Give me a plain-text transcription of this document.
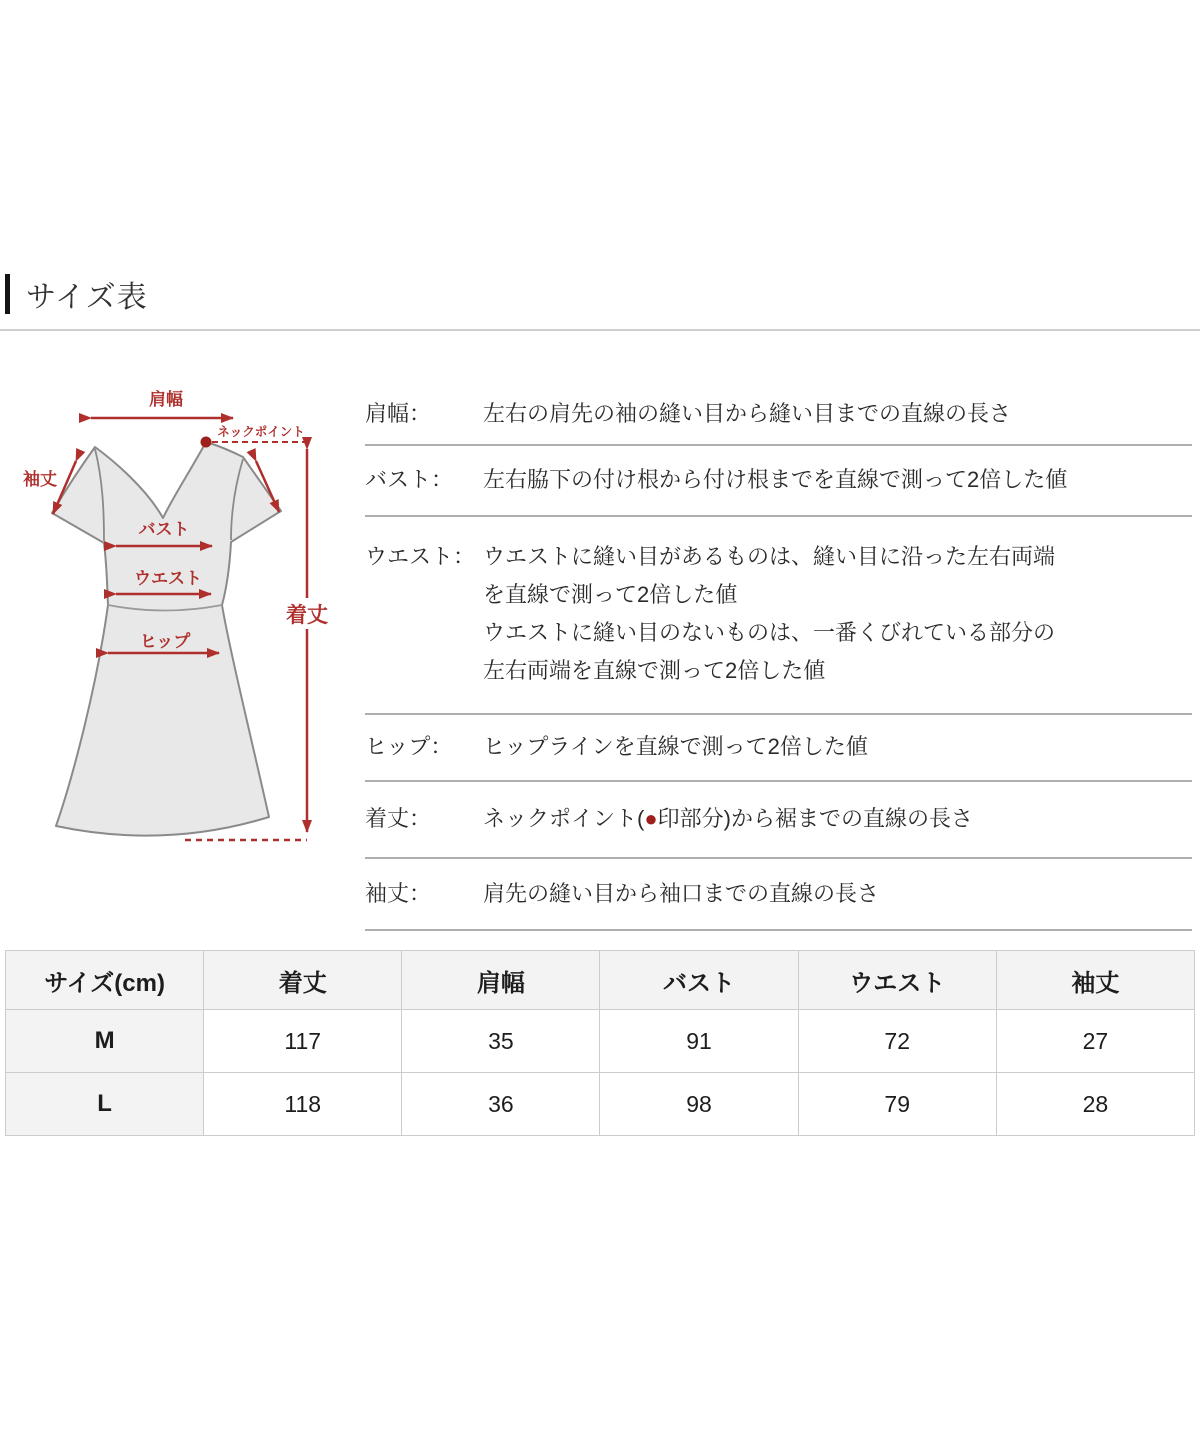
サイズ表
肩幅
ネックポイント
袖丈
バスト
ウエスト
ヒップ
着丈
肩幅：	左右の肩先の袖の縫い目から縫い目までの直線の長さ
バスト：	左右脇下の付け根から付け根までを直線で測って2倍した値
ウエスト： ウエストに縫い目があるものは、縫い目に沿った左右両端
を直線で測って2倍した値
ウエストに縫い目のないものは、一番くびれている部分の
左右両端を直線で測って2倍した値
ヒップ：	ヒップラインを直線で測って2倍した値
着丈：	ネックポイント(●印部分)から裾までの直線の長さ
袖丈：	肩先の縫い目から袖口までの直線の長さ
サイズ(cm)	着丈	肩幅	バスト	ウエスト	袖丈
M	117	35	91	72	27
L	118	36	98	79	28
